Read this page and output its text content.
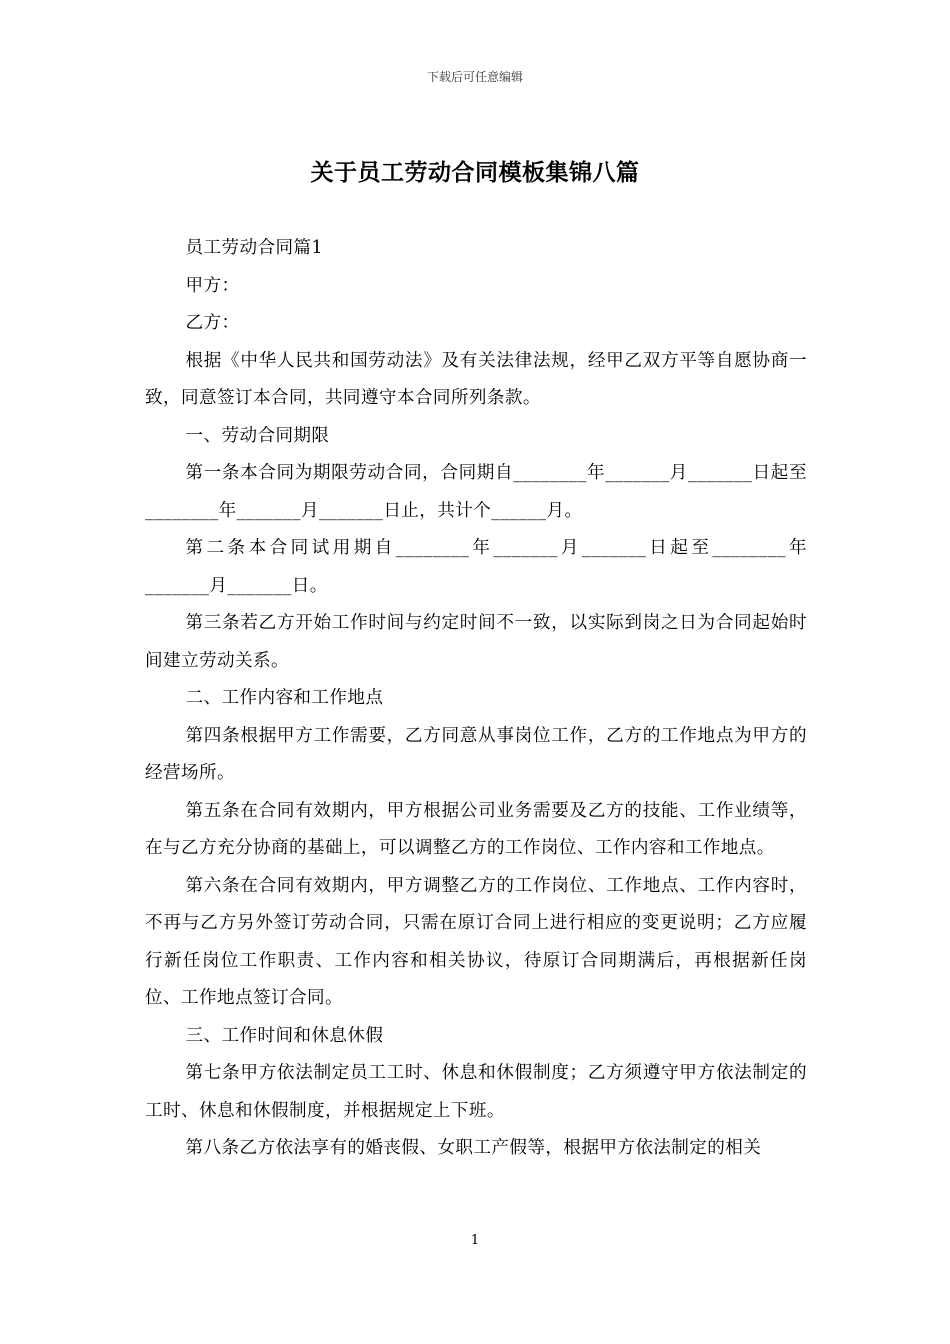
下载后可任意编辑
关于员工劳动合同模板集锦八篇

员工劳动合同篇1

甲方：

乙方：

根据《中华人民共和国劳动法》及有关法律法规，经甲乙双方平等自愿协商一致，同意签订本合同，共同遵守本合同所列条款。

一、劳动合同期限

第一条本合同为期限劳动合同，合同期自________年_______月_______日起至________年_______月_______日止，共计个______月。

第二条本合同试用期自________年_______月_______日起至________年_______月_______日。

第三条若乙方开始工作时间与约定时间不一致，以实际到岗之日为合同起始时间建立劳动关系。

二、工作内容和工作地点

第四条根据甲方工作需要，乙方同意从事岗位工作，乙方的工作地点为甲方的经营场所。

第五条在合同有效期内，甲方根据公司业务需要及乙方的技能、工作业绩等，在与乙方充分协商的基础上，可以调整乙方的工作岗位、工作内容和工作地点。

第六条在合同有效期内，甲方调整乙方的工作岗位、工作地点、工作内容时，不再与乙方另外签订劳动合同，只需在原订合同上进行相应的变更说明；乙方应履行新任岗位工作职责、工作内容和相关协议，待原订合同期满后，再根据新任岗位、工作地点签订合同。

三、工作时间和休息休假

第七条甲方依法制定员工工时、休息和休假制度；乙方须遵守甲方依法制定的工时、休息和休假制度，并根据规定上下班。

第八条乙方依法享有的婚丧假、女职工产假等，根据甲方依法制定的相关

1
